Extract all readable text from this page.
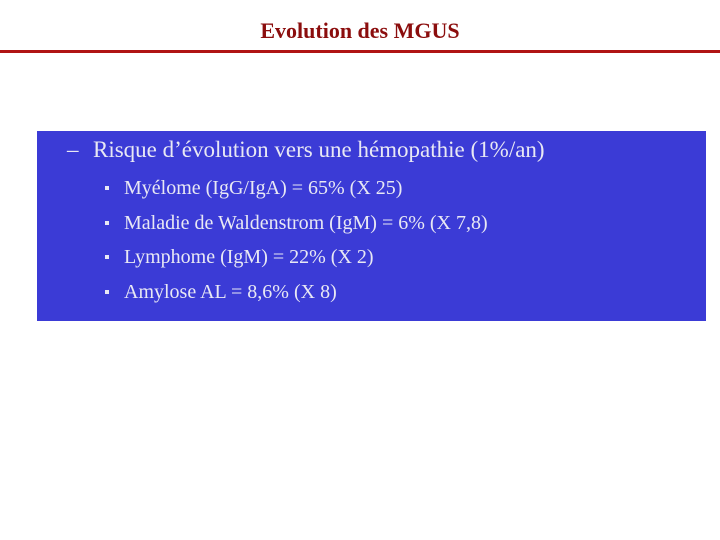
Evolution des MGUS
– Risque d’évolution vers une hémopathie (1%/an)
Myélome (IgG/IgA) = 65% (X 25)
Maladie de Waldenstrom (IgM) = 6% (X 7,8)
Lymphome (IgM) = 22% (X 2)
Amylose AL = 8,6% (X 8)
